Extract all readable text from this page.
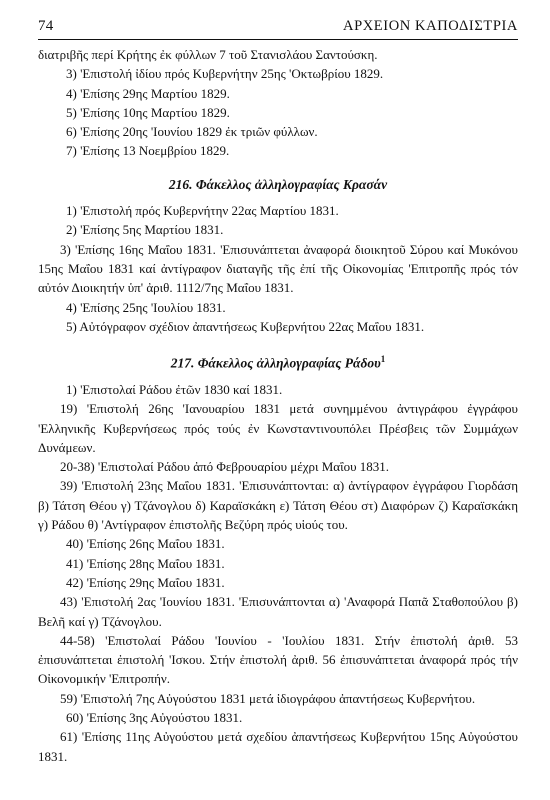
74	ΑΡΧΕΙΟΝ ΚΑΠΟΔΙΣΤΡΙΑ

διατριβῆς περί Κρήτης ἐκ φύλλων 7 τοῦ Στανισλάου Σαντούσκη.

3) 'Επιστολή ἰδίου πρός Κυβερνήτην 25ης 'Οκτωβρίου 1829.

4) 'Επίσης 29ης Μαρτίου 1829.

5) 'Επίσης 10ης Μαρτίου 1829.

6) 'Επίσης 20ης 'Ιουνίου 1829 ἐκ τριῶν φύλλων.

7) 'Επίσης 13 Νοεμβρίου 1829.

216. Φάκελλος ἀλληλογραφίας Κρασάν

1) 'Επιστολή πρός Κυβερνήτην 22ας Μαρτίου 1831.

2) 'Επίσης 5ης Μαρτίου 1831.

3) 'Επίσης 16ης Μαΐου 1831. 'Επισυνάπτεται ἀναφορά διοικητοῦ Σύρου καί Μυκόνου 15ης Μαΐου 1831 καί ἀντίγραφον διαταγῆς τῆς ἐπί τῆς Οἰκονομίας 'Επιτροπῆς πρός τόν αὐτόν Διοικητήν ὑπ' ἀριθ. 1112/7ης Μαΐου 1831.

4) 'Επίσης 25ης 'Ιουλίου 1831.

5) Αὐτόγραφον σχέδιον ἀπαντήσεως Κυβερνήτου 22ας Μαΐου 1831.

217. Φάκελλος ἀλληλογραφίας Ράδου$^1$

1) 'Επιστολαί Ράδου ἐτῶν 1830 καί 1831.

19) 'Επιστολή 26ης 'Ιανουαρίου 1831 μετά συνημμένου ἀντιγράφου ἐγγράφου 'Ελληνικῆς Κυβερνήσεως πρός τούς ἐν Κωνσταντινουπόλει Πρέσβεις τῶν Συμμάχων Δυνάμεων.

20-38) 'Επιστολαί Ράδου ἀπό Φεβρουαρίου μέχρι Μαΐου 1831.

39) 'Επιστολή 23ης Μαΐου 1831. 'Επισυνάπτονται: α) ἀντίγραφον ἐγγράφου Γιορδάση β) Τάτση Θέου γ) Τζάνογλου δ) Καραϊσκάκη ε) Τάτση Θέου στ) Διαφόρων ζ) Καραϊσκάκη γ) Ράδου θ) 'Αντίγραφον ἐπιστολῆς Βεζύρη πρός υἱούς του.

40) 'Επίσης 26ης Μαΐου 1831.

41) 'Επίσης 28ης Μαΐου 1831.

42) 'Επίσης 29ης Μαΐου 1831.

43) 'Επιστολή 2ας 'Ιουνίου 1831. 'Επισυνάπτονται α) 'Αναφορά Παπᾶ Σταθοπούλου β) Βελῆ καί γ) Τζάνογλου.

44-58) 'Επιστολαί Ράδου 'Ιουνίου - 'Ιουλίου 1831. Στήν ἐπιστολή ἀριθ. 53 ἐπισυνάπτεται ἐπιστολή 'Ισκου. Στήν ἐπιστολή ἀριθ. 56 ἐπισυνάπτεται ἀναφορά πρός τήν Οἰκονομικήν 'Επιτροπήν.

59) 'Επιστολή 7ης Αὐγούστου 1831 μετά ἰδιογράφου ἀπαντήσεως Κυβερνήτου.

60) 'Επίσης 3ης Αὐγούστου 1831.

61) 'Επίσης 11ης Αὐγούστου μετά σχεδίου ἀπαντήσεως Κυβερνήτου 15ης Αὐγούστου 1831.
